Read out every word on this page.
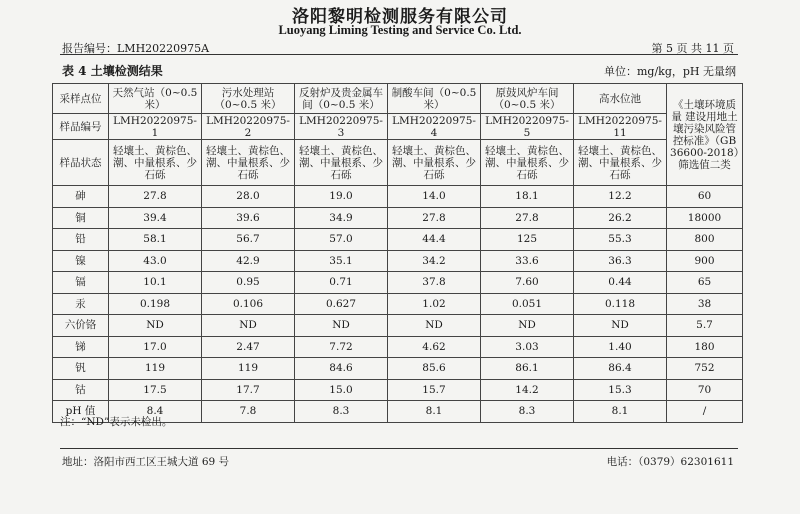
洛阳黎明检测服务有限公司
Luoyang Liming Testing and Service Co. Ltd.
报告编号：LMH20220975A	第 5 页 共 11 页
表 4 土壤检测结果	单位：mg/kg，pH 无量纲
采样点位	天然气站（0~0.5 米）	污水处理站（0~0.5 米）	反射炉及贵金属车间（0~0.5 米）	制酸车间（0~0.5 米）	原鼓风炉车间（0~0.5 米）	高水位池	《土壤环境质量 建设用地土壤污染风险管控标准》（GB 36600-2018）筛选值二类
样品编号	LMH20220975-1	LMH20220975-2	LMH20220975-3	LMH20220975-4	LMH20220975-5	LMH20220975-11	
样品状态	轻壤土、黄棕色、潮、中量根系、少石砾	轻壤土、黄棕色、潮、中量根系、少石砾	轻壤土、黄棕色、潮、中量根系、少石砾	轻壤土、黄棕色、潮、中量根系、少石砾	轻壤土、黄棕色、潮、中量根系、少石砾	轻壤土、黄棕色、潮、中量根系、少石砾	
砷	27.8	28.0	19.0	14.0	18.1	12.2	60
铜	39.4	39.6	34.9	27.8	27.8	26.2	18000
铅	58.1	56.7	57.0	44.4	125	55.3	800
镍	43.0	42.9	35.1	34.2	33.6	36.3	900
镉	10.1	0.95	0.71	37.8	7.60	0.44	65
汞	0.198	0.106	0.627	1.02	0.051	0.118	38
六价铬	ND	ND	ND	ND	ND	ND	5.7
锑	17.0	2.47	7.72	4.62	3.03	1.40	180
钒	119	119	84.6	85.6	86.1	86.4	752
钴	17.5	17.7	15.0	15.7	14.2	15.3	70
pH 值	8.4	7.8	8.3	8.1	8.3	8.1	/
注：“ND”表示未检出。
地址：洛阳市西工区王城大道 69 号	电话：（0379）62301611
